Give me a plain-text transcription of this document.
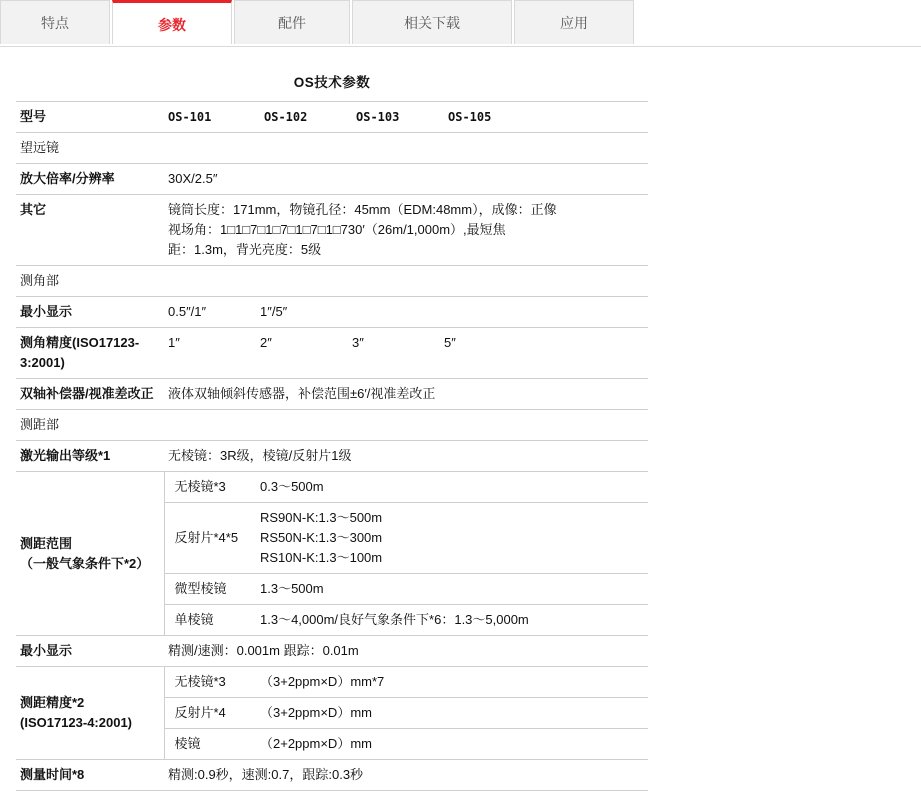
特点	参数	配件	相关下载	应用
OS技术参数		
型号	OS-101 OS-102 OS-103 OS-105	
望远镜		
放大倍率/分辨率	30X/2.5″	
其它	镜筒长度：171mm，物镜孔径：45mm（EDM:48mm），成像：正像
视场角：1□1□7□1□7□1□7□1□730′（26m/1,000m）,最短焦
距：1.3m，背光亮度：5级	

测角部		
最小显示	0.5″/1″ 1″/5″	
测角精度(ISO17123-3:2001)	1″ 2″ 3″ 5″	
双轴补偿器/视准差改正	液体双轴倾斜传感器，补偿范围±6′/视准差改正	
测距部		
激光输出等级*1	无棱镜：3R级，棱镜/反射片1级	

测距范围
（一般气象条件下*2）	无棱镜*3	0.3～500m
	反射片*4*5	RS90N-K:1.3～500m
RS50N-K:1.3～300m
RS10N-K:1.3～100m

	微型棱镜	1.3～500m
	单棱镜	1.3～4,000m/良好气象条件下*6：1.3～5,000m
最小显示	精测/速测：0.001m 跟踪：0.01m	

测距精度*2
(ISO17123-4:2001)	无棱镜*3	（3+2ppm×D）mm*7
	反射片*4	（3+2ppm×D）mm
	棱镜	（2+2ppm×D）mm
测量时间*8	精测:0.9秒，速测:0.7，跟踪:0.3秒	
